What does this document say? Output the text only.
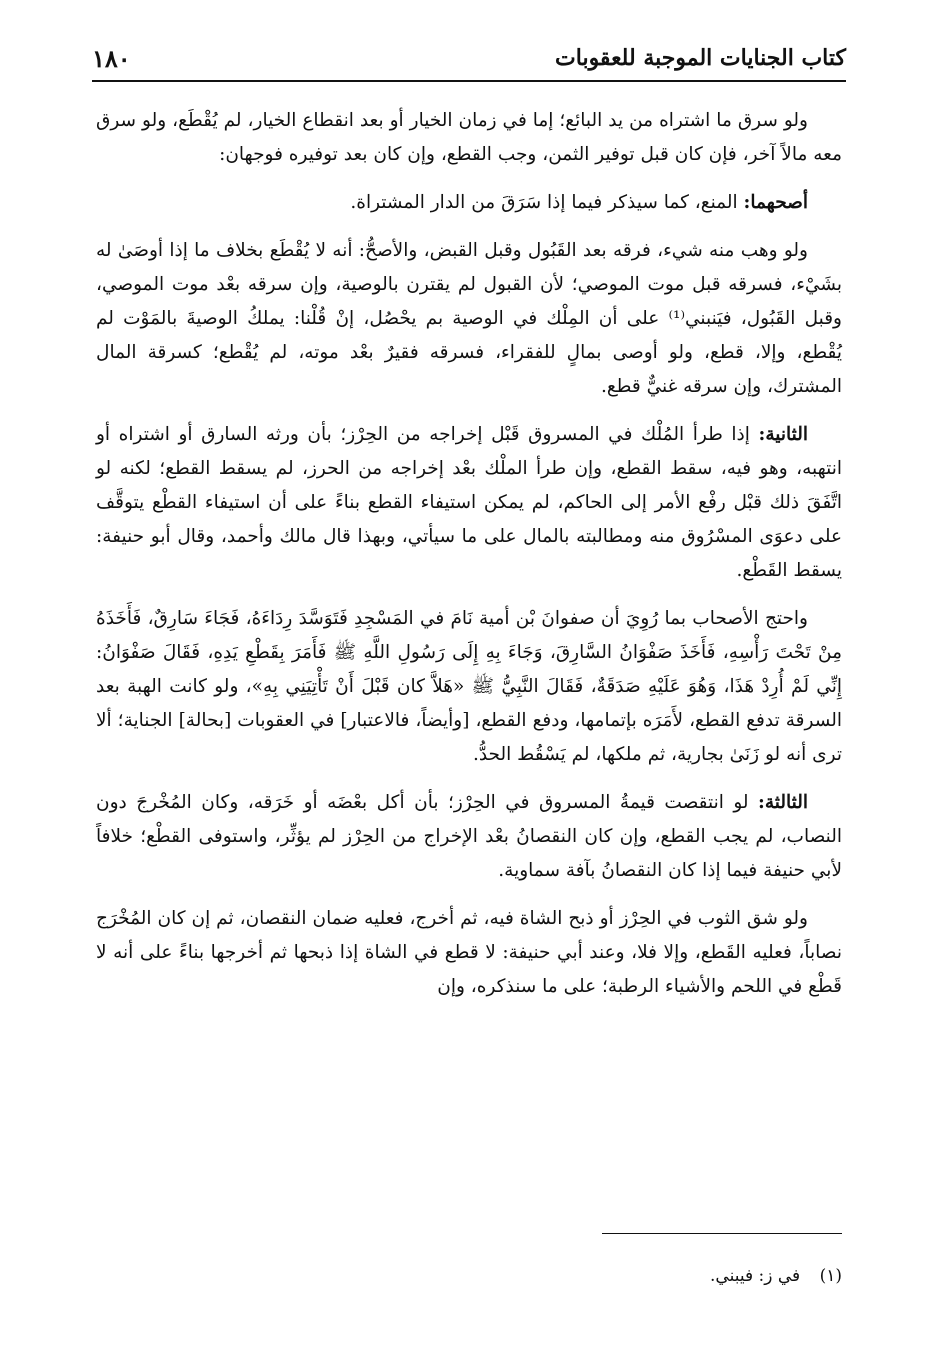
كتاب الجنايات الموجبة للعقوبات
١٨٠

ولو سرق ما اشتراه من يد البائع؛ إما في زمان الخيار أو بعد انقطاع الخيار، لم يُقْطَع، ولو سرق معه مالاً آخر، فإن كان قبل توفير الثمن، وجب القطع، وإن كان بعد توفيره فوجهان:

أصحهما: المنع، كما سيذكر فيما إذا سَرَقَ من الدار المشتراة.

ولو وهب منه شيء، فرقه بعد القَبُول وقبل القبض، والأصحُّ: أنه لا يُقْطَع بخلاف ما إذا أوصَىٰ له بشَيْء، فسرقه قبل موت الموصي؛ لأن القبول لم يقترن بالوصية، وإن سرقه بعْد موت الموصي، وقبل القَبُول، فيَنبني⁽¹⁾ على أن المِلْك في الوصية بم يحْصُل، إنْ قُلْنا: يملكُ الوصيةَ بالمَوْت لم يُقْطع، وإلا، قطع، ولو أوصى بمالٍ للفقراء، فسرقه فقيرٌ بعْد موته، لم يُقْطع؛ كسرقة المال المشترك، وإن سرقه غنيٌّ قطع.

الثانية: إذا طرأ المُلْك في المسروق قَبْل إخراجه من الحِرْز؛ بأن ورثه السارق أو اشتراه أو انتهبه، وهو فيه، سقط القطع، وإن طرأ الملْك بعْد إخراجه من الحرز، لم يسقط القطع؛ لكنه لو اتَّفَقَ ذلك قبْل رفْع الأمر إلى الحاكم، لم يمكن استيفاء القطع بناءً على أن استيفاء القطْع يتوقَّف على دعوَى المسْرُوق منه ومطالبته بالمال على ما سيأتي، وبهذا قال مالك وأحمد، وقال أبو حنيفة: يسقط القَطْع.

واحتج الأصحاب بما رُوِيَ أن صفوانَ بْن أمية نَامَ في المَسْجِدِ فَتَوَسَّدَ رِدَاءَهُ، فَجَاءَ سَارِقٌ، فَأَخَذَهُ مِنْ تَحْتَ رَأْسِهِ، فَأَخَذَ صَفْوَانُ السَّارِقَ، وَجَاءَ بِهِ إِلَى رَسُولِ اللَّهِ ﷺ فَأَمَرَ بِقَطْعِ يَدِهِ، فَقَالَ صَفْوَانُ: إِنِّي لَمْ أُرِدْ هَذَا، وَهُوَ عَلَيْهِ صَدَقَةٌ، فَقَالَ النَّبِيُّ ﷺ «هَلاَّ كان قَبْلَ أَنْ تَأْتِيَنِي بِهِ»، ولو كانت الهبة بعد السرقة تدفع القطع، لأَمَرَه بإتمامها، ودفع القطع، [وأيضاً، فالاعتبار] في العقوبات [بحالة] الجناية؛ ألا ترى أنه لو زَنَىٰ بجارية، ثم ملكها، لم يَسْقُط الحدُّ.

الثالثة: لو انتقصت قيمةُ المسروق في الحِرْز؛ بأن أكل بعْضَه أو خَرَقه، وكان المُخْرجَ دون النصاب، لم يجب القطع، وإن كان النقصانُ بعْد الإخراج من الحِرْز لم يؤثِّر، واستوفى القطْع؛ خلافاً لأبي حنيفة فيما إذا كان النقصانُ بآفة سماوية.

ولو شق الثوب في الحِرْز أو ذبح الشاة فيه، ثم أخرج، فعليه ضمان النقصان، ثم إن كان المُخْرَج نصاباً، فعليه القَطع، وإلا فلا، وعند أبي حنيفة: لا قطع في الشاة إذا ذبحها ثم أخرجها بناءً على أنه لا قَطْع في اللحم والأشياء الرطبة؛ على ما سنذكره، وإن

(١) في ز: فيبني.
